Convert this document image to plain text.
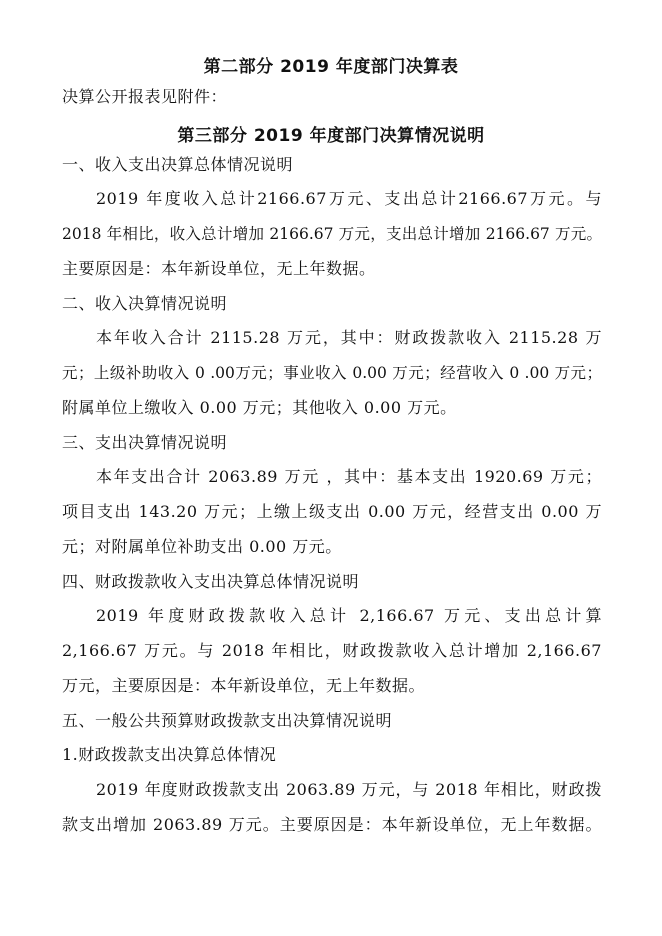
第二部分 2019 年度部门决算表
决算公开报表见附件：
第三部分 2019 年度部门决算情况说明
一、收入支出决算总体情况说明
2019 年度收入总计2166.67万元、支出总计2166.67万元。与
2018 年相比，收入总计增加 2166.67 万元，支出总计增加 2166.67 万元。
主要原因是：本年新设单位，无上年数据。
二、收入决算情况说明
本年收入合计 2115.28 万元，其中：财政拨款收入 2115.28 万
元；上级补助收入 0 .00万元；事业收入 0.00 万元；经营收入 0 .00 万元；
附属单位上缴收入 0.00 万元；其他收入 0.00 万元。
三、支出决算情况说明
本年支出合计 2063.89 万元 ，其中：基本支出 1920.69 万元；
项目支出 143.20 万元；上缴上级支出 0.00 万元，经营支出 0.00 万
元；对附属单位补助支出 0.00 万元。
四、财政拨款收入支出决算总体情况说明
2019 年度财政拨款收入总计 2,166.67 万元、支出总计算
2,166.67 万元。与 2018 年相比，财政拨款收入总计增加 2,166.67
万元，主要原因是：本年新设单位，无上年数据。
五、一般公共预算财政拨款支出决算情况说明
1.财政拨款支出决算总体情况
2019 年度财政拨款支出 2063.89 万元，与 2018 年相比，财政拨
款支出增加 2063.89 万元。主要原因是：本年新设单位，无上年数据。
